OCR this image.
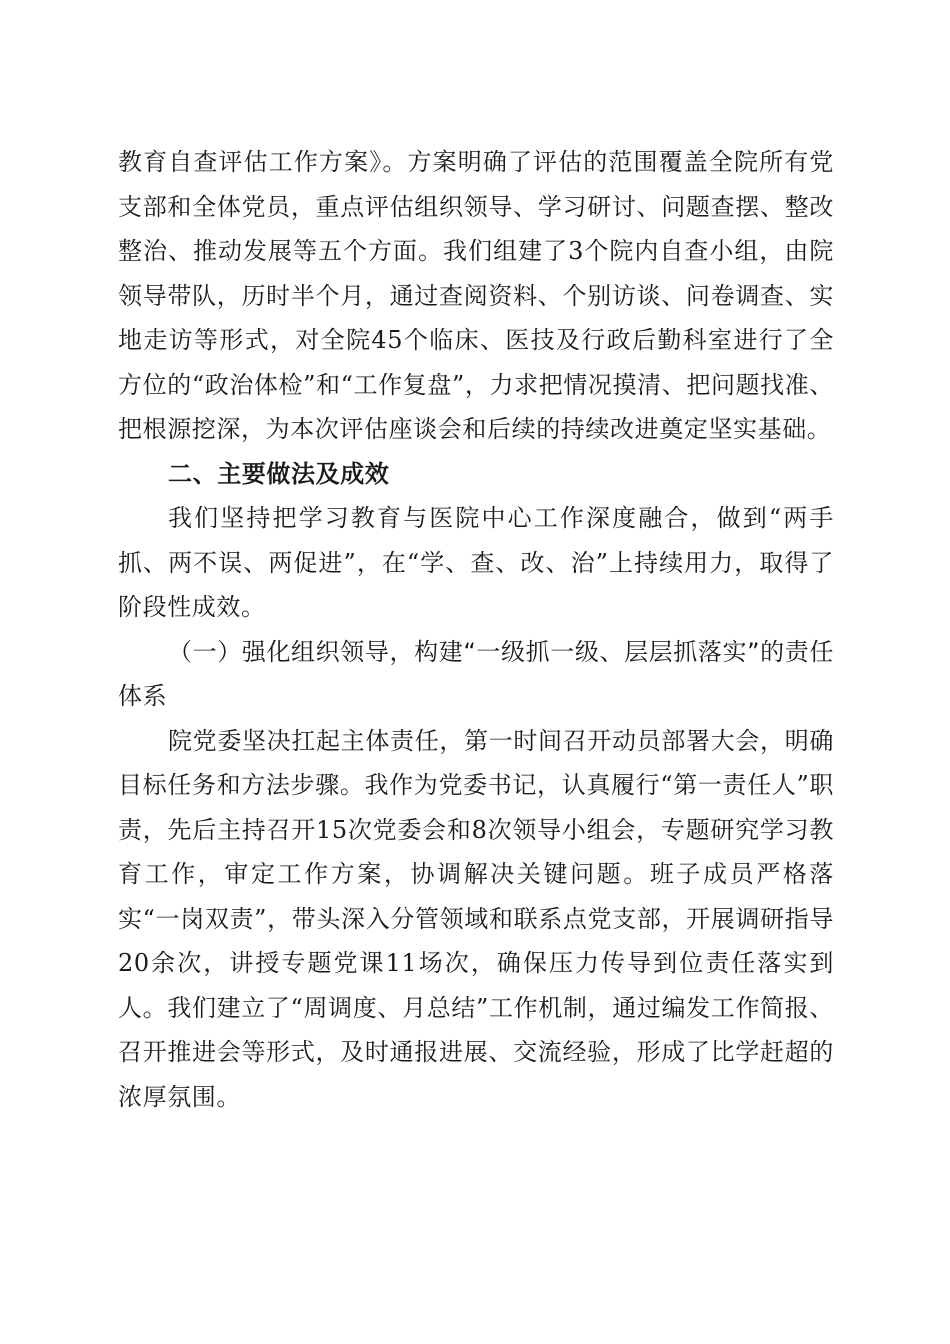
教育自查评估工作方案》。方案明确了评估的范围覆盖全院所有党支部和全体党员，重点评估组织领导、学习研讨、问题查摆、整改整治、推动发展等五个方面。我们组建了3个院内自查小组，由院领导带队，历时半个月，通过查阅资料、个别访谈、问卷调查、实地走访等形式，对全院45个临床、医技及行政后勤科室进行了全方位的“政治体检”和“工作复盘”，力求把情况摸清、把问题找准、把根源挖深，为本次评估座谈会和后续的持续改进奠定坚实基础。

二、主要做法及成效

我们坚持把学习教育与医院中心工作深度融合，做到“两手抓、两不误、两促进”，在“学、查、改、治”上持续用力，取得了阶段性成效。

（一）强化组织领导，构建“一级抓一级、层层抓落实”的责任体系

院党委坚决扛起主体责任，第一时间召开动员部署大会，明确目标任务和方法步骤。我作为党委书记，认真履行“第一责任人”职责，先后主持召开15次党委会和8次领导小组会，专题研究学习教育工作，审定工作方案，协调解决关键问题。班子成员严格落实“一岗双责”，带头深入分管领域和联系点党支部，开展调研指导20余次，讲授专题党课11场次，确保压力传导到位责任落实到人。我们建立了“周调度、月总结”工作机制，通过编发工作简报、召开推进会等形式，及时通报进展、交流经验，形成了比学赶超的浓厚氛围。
